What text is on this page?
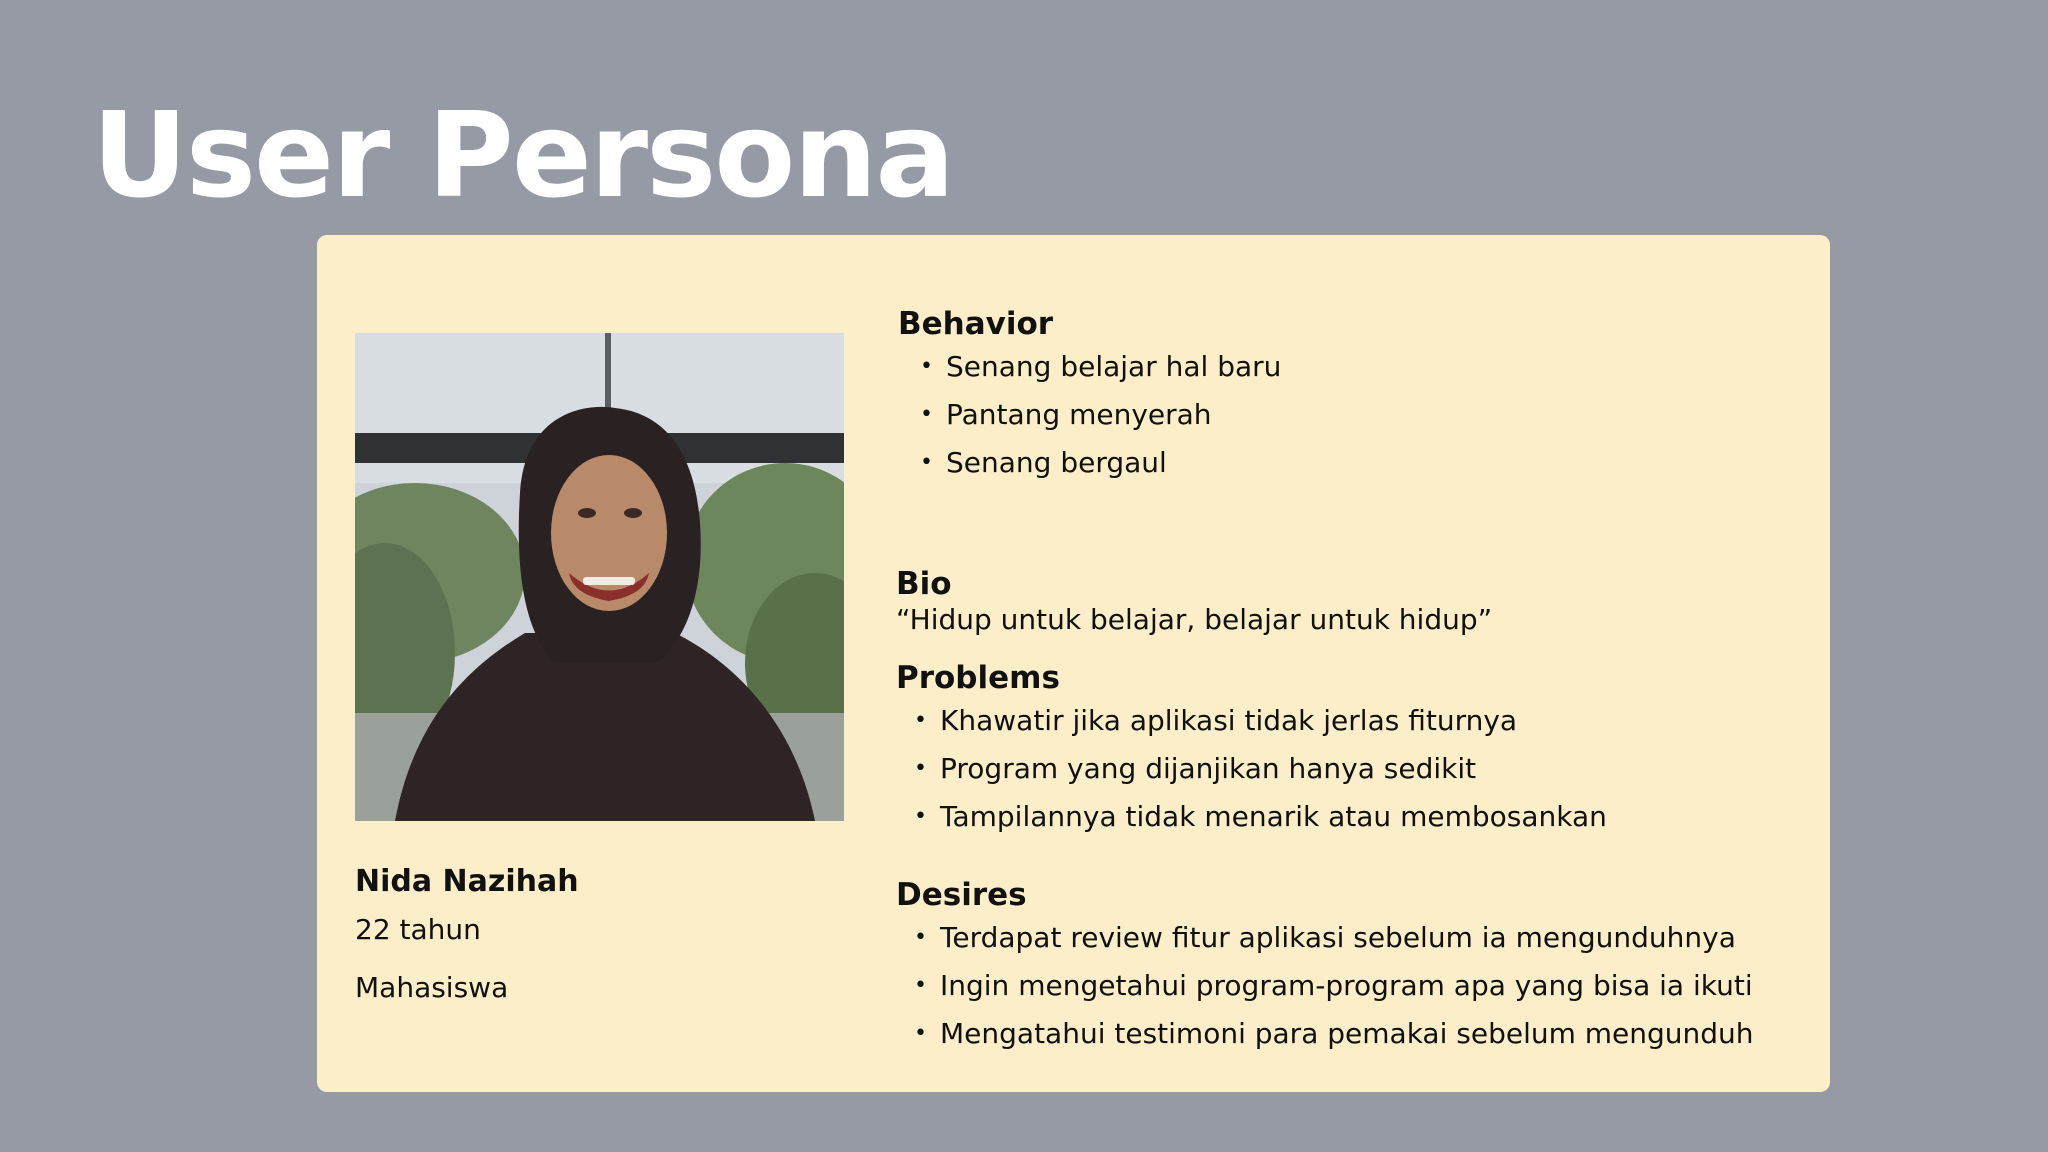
User Persona

Nida Nazihah

22 tahun

Mahasiswa

Behavior
• Senang belajar hal baru
• Pantang menyerah
• Senang bergaul
Bio

“Hidup untuk belajar, belajar untuk hidup”

Problems
• Khawatir jika aplikasi tidak jerlas fiturnya
• Program yang dijanjikan hanya sedikit
• Tampilannya tidak menarik atau membosankan
Desires
• Terdapat review fitur aplikasi sebelum ia mengunduhnya
• Ingin mengetahui program-program apa yang bisa ia ikuti
• Mengatahui testimoni para pemakai sebelum mengunduh
